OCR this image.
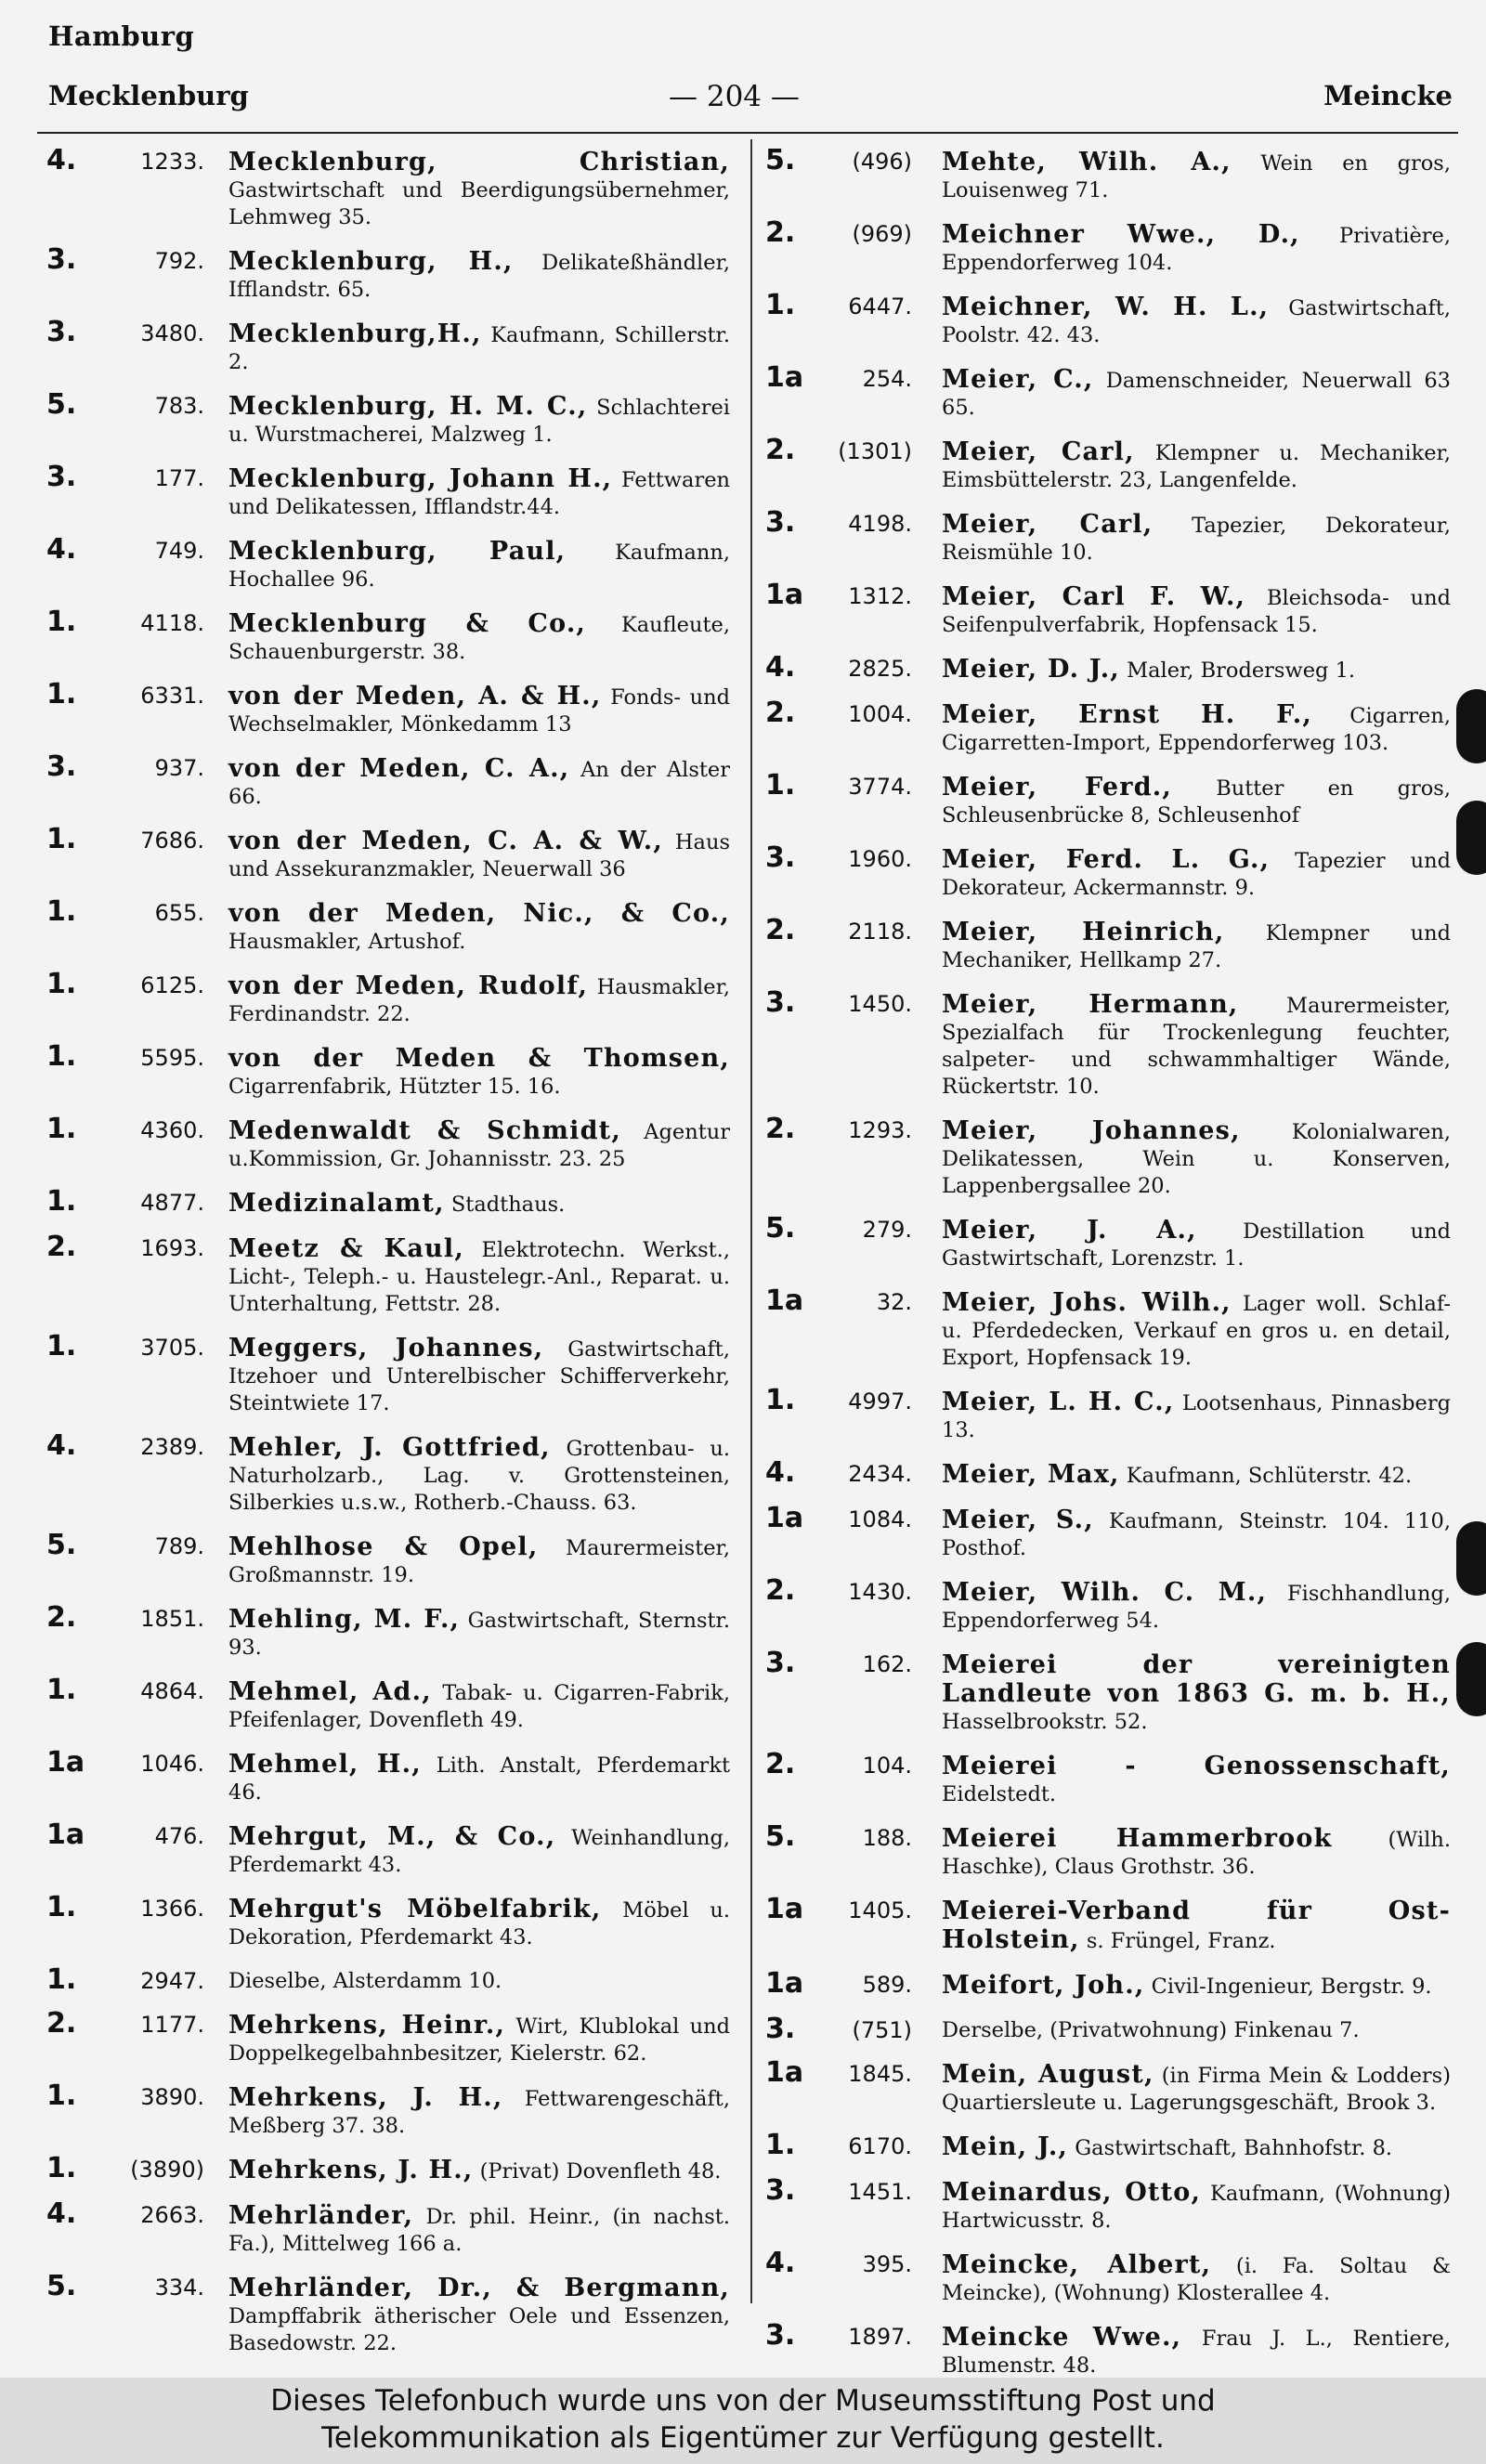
Hamburg
Mecklenburg	— 204 —	Meincke
4.	1233. Mecklenburg, Christian, Gastwirtschaft und Beerdigungsübernehmer, Lehmweg 35.
3.	792. Mecklenburg, H., Delikateßhändler, Ifflandstr. 65.
3.	3480. Mecklenburg,H., Kaufmann, Schillerstr. 2.
5.	783. Mecklenburg, H. M. C., Schlachterei u. Wurstmacherei, Malzweg 1.
3.	177. Mecklenburg, Johann H., Fettwaren und Delikatessen, Ifflandstr.44.
4.	749. Mecklenburg, Paul, Kaufmann, Hochallee 96.
1.	4118. Mecklenburg & Co., Kaufleute, Schauenburgerstr. 38.
1.	6331. von der Meden, A. & H., Fonds- und Wechselmakler, Mönkedamm 13
3.	937. von der Meden, C. A., An der Alster 66.
1.	7686. von der Meden, C. A. & W., Haus und Assekuranzmakler, Neuerwall 36
1.	655. von der Meden, Nic., & Co., Hausmakler, Artushof.
1.	6125. von der Meden, Rudolf, Hausmakler, Ferdinandstr. 22.
1.	5595. von der Meden & Thomsen, Cigarrenfabrik, Hützter 15. 16.
1.	4360. Medenwaldt & Schmidt, Agentur u.Kommission, Gr. Johannisstr. 23. 25
1.	4877. Medizinalamt, Stadthaus.
2.	1693. Meetz & Kaul, Elektrotechn. Werkst., Licht-, Teleph.- u. Haustelegr.-Anl., Reparat. u. Unterhaltung, Fettstr. 28.
1.	3705. Meggers, Johannes, Gastwirtschaft, Itzehoer und Unterelbischer Schifferverkehr, Steintwiete 17.
4.	2389. Mehler, J. Gottfried, Grottenbau- u. Naturholzarb., Lag. v. Grottensteinen, Silberkies u.s.w., Rotherb.-Chauss. 63.
5.	789. Mehlhose & Opel, Maurermeister, Großmannstr. 19.
2.	1851. Mehling, M. F., Gastwirtschaft, Sternstr. 93.
1.	4864. Mehmel, Ad., Tabak- u. Cigarren-Fabrik, Pfeifenlager, Dovenfleth 49.
1a	1046. Mehmel, H., Lith. Anstalt, Pferdemarkt 46.
1a	476. Mehrgut, M., & Co., Weinhandlung, Pferdemarkt 43.
1.	1366. Mehrgut's Möbelfabrik, Möbel u. Dekoration, Pferdemarkt 43.
1.	2947. Dieselbe, Alsterdamm 10.
2.	1177. Mehrkens, Heinr., Wirt, Klublokal und Doppelkegelbahnbesitzer, Kielerstr. 62.
1.	3890. Mehrkens, J. H., Fettwarengeschäft, Meßberg 37. 38.
1.	(3890) Mehrkens, J. H., (Privat) Dovenfleth 48.
4.	2663. Mehrländer, Dr. phil. Heinr., (in nachst. Fa.), Mittelweg 166 a.
5.	334. Mehrländer, Dr., & Bergmann, Dampffabrik ätherischer Oele und Essenzen, Basedowstr. 22.
5.	(496) Mehte, Wilh. A., Wein en gros, Louisenweg 71.
2.	(969) Meichner Wwe., D., Privatière, Eppendorferweg 104.
1.	6447. Meichner, W. H. L., Gastwirtschaft, Poolstr. 42. 43.
1a	254. Meier, C., Damenschneider, Neuerwall 63 65.
2.	(1301) Meier, Carl, Klempner u. Mechaniker, Eimsbüttelerstr. 23, Langenfelde.
3.	4198. Meier, Carl, Tapezier, Dekorateur, Reismühle 10.
1a	1312. Meier, Carl F. W., Bleichsoda- und Seifenpulverfabrik, Hopfensack 15.
4.	2825. Meier, D. J., Maler, Brodersweg 1.
2.	1004. Meier, Ernst H. F., Cigarren, Cigarretten-Import, Eppendorferweg 103.
1.	3774. Meier, Ferd., Butter en gros, Schleusenbrücke 8, Schleusenhof
3.	1960. Meier, Ferd. L. G., Tapezier und Dekorateur, Ackermannstr. 9.
2.	2118. Meier, Heinrich, Klempner und Mechaniker, Hellkamp 27.
3.	1450. Meier, Hermann, Maurermeister, Spezialfach für Trockenlegung feuchter, salpeter- und schwammhaltiger Wände, Rückertstr. 10.
2.	1293. Meier, Johannes, Kolonialwaren, Delikatessen, Wein u. Konserven, Lappenbergsallee 20.
5.	279. Meier, J. A., Destillation und Gastwirtschaft, Lorenzstr. 1.
1a	32. Meier, Johs. Wilh., Lager woll. Schlaf- u. Pferdedecken, Verkauf en gros u. en detail, Export, Hopfensack 19.
1.	4997. Meier, L. H. C., Lootsenhaus, Pinnasberg 13.
4.	2434. Meier, Max, Kaufmann, Schlüterstr. 42.
1a	1084. Meier, S., Kaufmann, Steinstr. 104. 110, Posthof.
2.	1430. Meier, Wilh. C. M., Fischhandlung, Eppendorferweg 54.
3.	162. Meierei der vereinigten Landleute von 1863 G. m. b. H., Hasselbrookstr. 52.
2.	104. Meierei - Genossenschaft, Eidelstedt.
5.	188. Meierei Hammerbrook	(Wilh. Haschke), Claus Grothstr. 36.
1a	1405. Meierei-Verband für Ost-Holstein, s. Früngel, Franz.
1a	589. Meifort, Joh., Civil-Ingenieur, Bergstr. 9.
3.	(751) Derselbe, (Privatwohnung) Finkenau 7.
1a	1845. Mein, August, (in Firma Mein & Lodders) Quartiersleute u. Lagerungsgeschäft, Brook 3.
1.	6170. Mein, J., Gastwirtschaft, Bahnhofstr. 8.
3.	1451. Meinardus, Otto, Kaufmann, (Wohnung) Hartwicusstr. 8.
4.	395. Meincke, Albert, (i. Fa. Soltau & Meincke), (Wohnung) Klosterallee 4.
3.	1897. Meincke Wwe., Frau J. L., Rentiere, Blumenstr. 48.
Dieses Telefonbuch wurde uns von der Museumsstiftung Post und
Telekommunikation als Eigentümer zur Verfügung gestellt.
